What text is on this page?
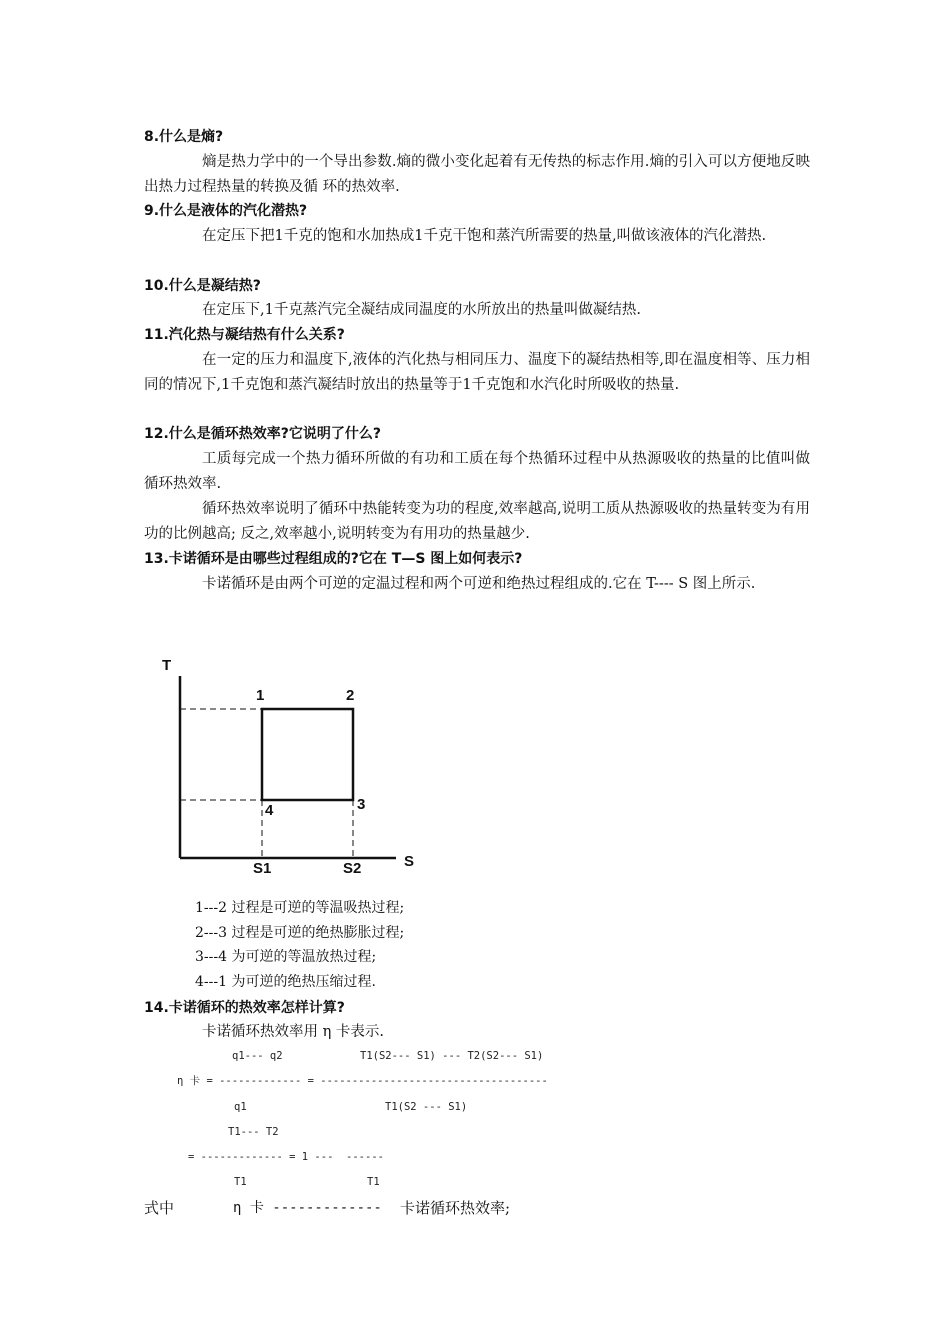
8.什么是熵?
熵是热力学中的一个导出参数.熵的微小变化起着有无传热的标志作用.熵的引入可以方便地反映出热力过程热量的转换及循 环的热效率.
9.什么是液体的汽化潜热?
在定压下把1千克的饱和水加热成1千克干饱和蒸汽所需要的热量,叫做该液体的汽化潜热.
10.什么是凝结热?
在定压下,1千克蒸汽完全凝结成同温度的水所放出的热量叫做凝结热.
11.汽化热与凝结热有什么关系?
在一定的压力和温度下,液体的汽化热与相同压力、温度下的凝结热相等,即在温度相等、压力相同的情况下,1千克饱和蒸汽凝结时放出的热量等于1千克饱和水汽化时所吸收的热量.
12.什么是循环热效率?它说明了什么?
工质每完成一个热力循环所做的有功和工质在每个热循环过程中从热源吸收的热量的比值叫做循环热效率.
循环热效率说明了循环中热能转变为功的程度,效率越高,说明工质从热源吸收的热量转变为有用功的比例越高; 反之,效率越小,说明转变为有用功的热量越少.
13.卡诺循环是由哪些过程组成的?它在 T—S 图上如何表示?
卡诺循环是由两个可逆的定温过程和两个可逆和绝热过程组成的.它在 T---- S 图上所示.
T
S
1	2
3
4
S1	S2
1---2 过程是可逆的等温吸热过程;
2---3 过程是可逆的绝热膨胀过程;
3---4 为可逆的等温放热过程;
4---1 为可逆的绝热压缩过程.
14.卡诺循环的热效率怎样计算?
卡诺循环热效率用 η 卡表示.
q1--- q2	T1(S2--- S1) --- T2(S2--- S1)
η 卡 = ------------- = ------------------------------------
q1	T1(S2 --- S1)
T1--- T2
= ------------- = 1 ---  ------
T1	T1
式中	η 卡 ------------- 卡诺循环热效率;
